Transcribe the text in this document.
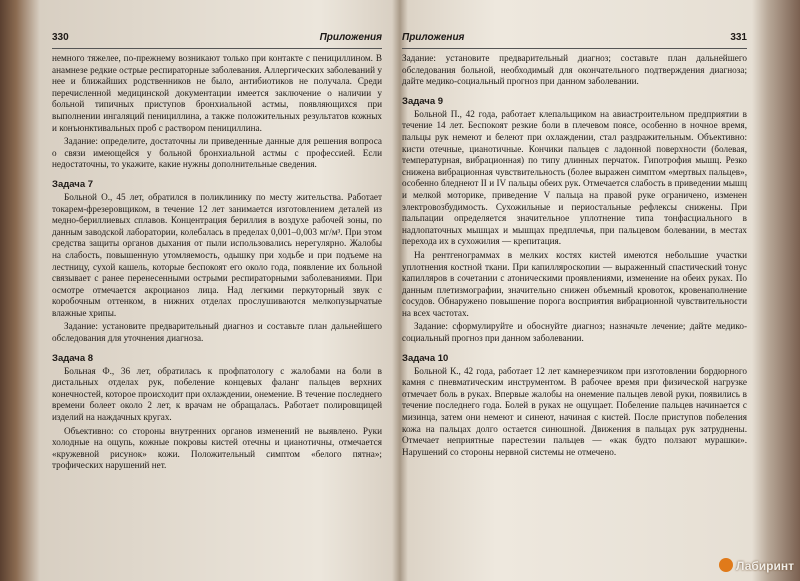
330	Приложения

немного тяжелее, по-прежнему возникают только при контакте с пенициллином. В анамнезе редкие острые респираторные заболевания. Аллергических заболеваний у нее и ближайших родственников не было, антибиотиков не получала. Среди перечисленной медицинской документации имеется заключение о наличии у больной типичных приступов бронхиальной астмы, появляющихся при выполнении ингаляций пенициллина, а также положительных результатов кожных и конъюнктивальных проб с раствором пенициллина.

Задание: определите, достаточны ли приведенные данные для решения вопроса о связи имеющейся у больной бронхиальной астмы с профессией. Если недостаточны, то укажите, какие нужны дополнительные сведения.

Задача 7

Больной О., 45 лет, обратился в поликлинику по месту жительства. Работает токарем-фрезеровщиком, в течение 12 лет занимается изготовлением деталей из медно-бериллиевых сплавов. Концентрация бериллия в воздухе рабочей зоны, по данным заводской лаборатории, колебалась в пределах 0,001–0,003 мг/м³. При этом средства защиты органов дыхания от пыли использовались нерегулярно. Жалобы на слабость, повышенную утомляемость, одышку при ходьбе и при подъеме на лестницу, сухой кашель, которые беспокоят его около года, появление их больной связывает с ранее перенесенными острыми респираторными заболеваниями. При осмотре отмечается акроцианоз лица. Над легкими перкуторный звук с коробочным оттенком, в нижних отделах прослушиваются мелкопузырчатые влажные хрипы.

Задание: установите предварительный диагноз и составьте план дальнейшего обследования для уточнения диагноза.

Задача 8

Больная Ф., 36 лет, обратилась к профпатологу с жалобами на боли в дистальных отделах рук, побеление концевых фаланг пальцев верхних конечностей, которое происходит при охлаждении, онемение. В течение последнего времени болеет около 2 лет, к врачам не обращалась. Работает полировщицей изделий на наждачных кругах.

Объективно: со стороны внутренних органов изменений не выявлено. Руки холодные на ощупь, кожные покровы кистей отечны и цианотичны, отмечается «кружевной рисунок» кожи. Положительный симптом «белого пятна»; трофических нарушений нет.

Приложения	331

Задание: установите предварительный диагноз; составьте план дальнейшего обследования больной, необходимый для окончательного подтверждения диагноза; дайте медико-социальный прогноз при данном заболевании.

Задача 9

Больной П., 42 года, работает клепальщиком на авиастроительном предприятии в течение 14 лет. Беспокоят резкие боли в плечевом поясе, особенно в ночное время, пальцы рук немеют и белеют при охлаждении, стал раздражительным. Объективно: кисти отечные, цианотичные. Кончики пальцев с ладонной поверхности (болевая, температурная, вибрационная) по типу длинных перчаток. Гипотрофия мышц. Резко снижена вибрационная чувствительность (более выражен симптом «мертвых пальцев», особенно бледнеют II и IV пальцы обеих рук. Отмечается слабость в приведении мышц и мелкой моторике, приведение V пальца на правой руке ограничено, изменен электровозбудимость. Сухожильные и периостальные рефлексы снижены. При пальпации определяется значительное уплотнение типа тонфасциального в надлопаточных мышцах и мышцах предплечья, при пальцевом болевании, в местах перехода их в сухожилия — крепитация.

На рентгенограммах в мелких костях кистей имеются небольшие участки уплотнения костной ткани. При капилляроскопии — выраженный спастический тонус капилляров в сочетании с атоническими проявлениями, изменение на обеих руках. По данным плетизмографии, значительно снижен объемный кровоток, кровенаполнение сосудов. Обнаружено повышение порога восприятия вибрационной чувствительности на всех частотах.

Задание: сформулируйте и обоснуйте диагноз; назначьте лечение; дайте медико-социальный прогноз при данном заболевании.

Задача 10

Больной К., 42 года, работает 12 лет камнерезчиком при изготовлении бордюрного камня с пневматическим инструментом. В рабочее время при физической нагрузке отмечает боль в руках. Впервые жалобы на онемение пальцев левой руки, появились в течение последнего года. Болей в руках не ощущает. Побеление пальцев начинается с мизинца, затем они немеют и синеют, начиная с кистей. После приступов побеления кожа на пальцах долго остается синюшной. Движения в пальцах рук затруднены. Отмечает неприятные парестезии пальцев — «как будто ползают мурашки». Нарушений со стороны нервной системы не отмечено.

Лабиринт
